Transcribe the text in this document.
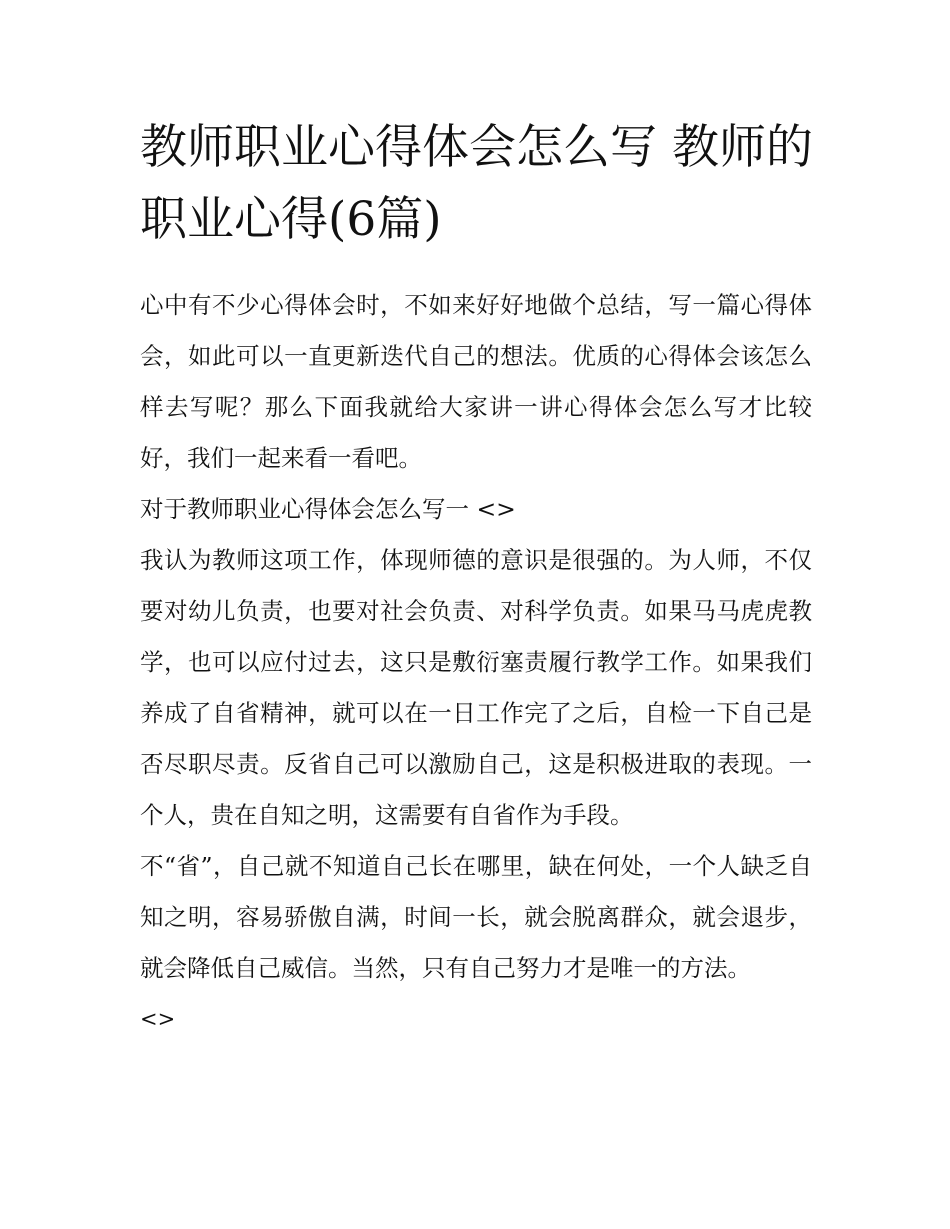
教师职业心得体会怎么写 教师的职业心得(6篇)

心中有不少心得体会时，不如来好好地做个总结，写一篇心得体会，如此可以一直更新迭代自己的想法。优质的心得体会该怎么样去写呢？那么下面我就给大家讲一讲心得体会怎么写才比较好，我们一起来看一看吧。

对于教师职业心得体会怎么写一 <>

我认为教师这项工作，体现师德的意识是很强的。为人师，不仅要对幼儿负责，也要对社会负责、对科学负责。如果马马虎虎教学，也可以应付过去，这只是敷衍塞责履行教学工作。如果我们养成了自省精神，就可以在一日工作完了之后，自检一下自己是否尽职尽责。反省自己可以激励自己，这是积极进取的表现。一个人，贵在自知之明，这需要有自省作为手段。

不“省”，自己就不知道自己长在哪里，缺在何处，一个人缺乏自知之明，容易骄傲自满，时间一长，就会脱离群众，就会退步，就会降低自己威信。当然，只有自己努力才是唯一的方法。

<>
